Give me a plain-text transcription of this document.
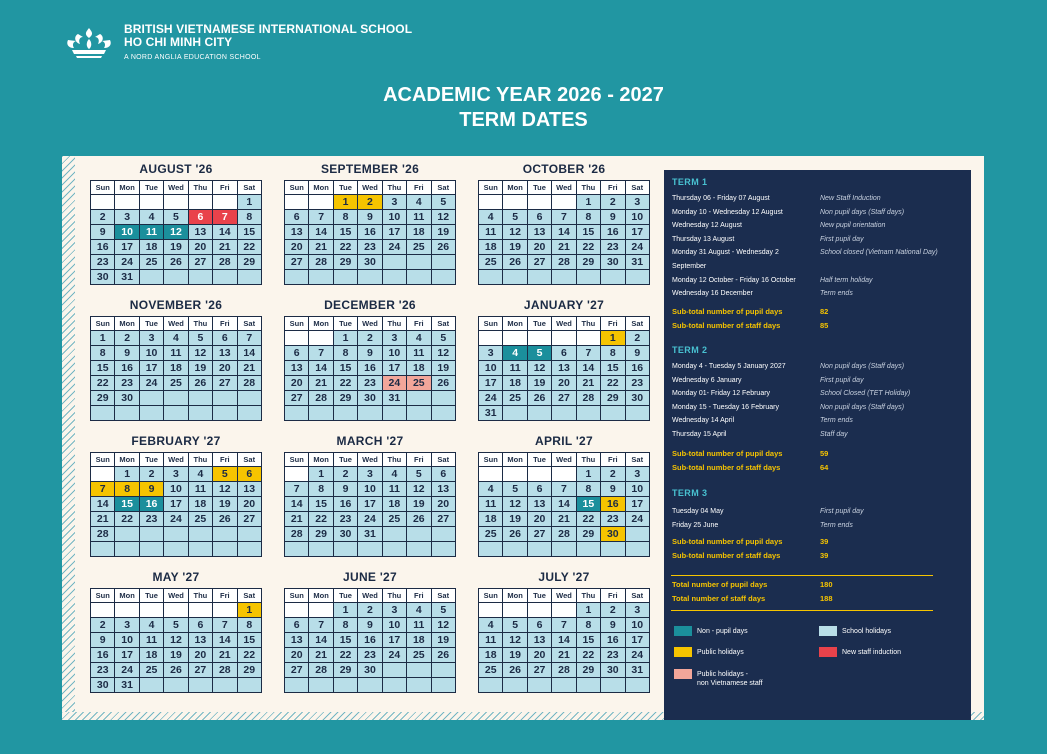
BRITISH VIETNAMESE INTERNATIONAL SCHOOL
HO CHI MINH CITY
A NORD ANGLIA EDUCATION SCHOOL
ACADEMIC YEAR 2026 - 2027
TERM DATES
AUGUST '26
Sun	Mon	Tue	Wed	Thu	Fri	Sat
						1
2	3	4	5	6	7	8
9	10	11	12	13	14	15
16	17	18	19	20	21	22
23	24	25	26	27	28	29
30	31					
SEPTEMBER '26
Sun	Mon	Tue	Wed	Thu	Fri	Sat
		1	2	3	4	5
6	7	8	9	10	11	12
13	14	15	16	17	18	19
20	21	22	23	24	25	26
27	28	29	30			

OCTOBER '26
Sun	Mon	Tue	Wed	Thu	Fri	Sat
				1	2	3
4	5	6	7	8	9	10
11	12	13	14	15	16	17
18	19	20	21	22	23	24
25	26	27	28	29	30	31

NOVEMBER '26
Sun	Mon	Tue	Wed	Thu	Fri	Sat
1	2	3	4	5	6	7
8	9	10	11	12	13	14
15	16	17	18	19	20	21
22	23	24	25	26	27	28
29	30					

DECEMBER '26
Sun	Mon	Tue	Wed	Thu	Fri	Sat
		1	2	3	4	5
6	7	8	9	10	11	12
13	14	15	16	17	18	19
20	21	22	23	24	25	26
27	28	29	30	31		

JANUARY '27
Sun	Mon	Tue	Wed	Thu	Fri	Sat
					1	2
3	4	5	6	7	8	9
10	11	12	13	14	15	16
17	18	19	20	21	22	23
24	25	26	27	28	29	30
31						
FEBRUARY '27
Sun	Mon	Tue	Wed	Thu	Fri	Sat
	1	2	3	4	5	6
7	8	9	10	11	12	13
14	15	16	17	18	19	20
21	22	23	24	25	26	27
28						

MARCH '27
Sun	Mon	Tue	Wed	Thu	Fri	Sat
	1	2	3	4	5	6
7	8	9	10	11	12	13
14	15	16	17	18	19	20
21	22	23	24	25	26	27
28	29	30	31			

APRIL '27
Sun	Mon	Tue	Wed	Thu	Fri	Sat
				1	2	3
4	5	6	7	8	9	10
11	12	13	14	15	16	17
18	19	20	21	22	23	24
25	26	27	28	29	30	

MAY '27
Sun	Mon	Tue	Wed	Thu	Fri	Sat
						1
2	3	4	5	6	7	8
9	10	11	12	13	14	15
16	17	18	19	20	21	22
23	24	25	26	27	28	29
30	31					
JUNE '27
Sun	Mon	Tue	Wed	Thu	Fri	Sat
		1	2	3	4	5
6	7	8	9	10	11	12
13	14	15	16	17	18	19
20	21	22	23	24	25	26
27	28	29	30			

JULY '27
Sun	Mon	Tue	Wed	Thu	Fri	Sat
				1	2	3
4	5	6	7	8	9	10
11	12	13	14	15	16	17
18	19	20	21	22	23	24
25	26	27	28	29	30	31

TERM 1
Thursday 06 - Friday 07 August	New Staff Induction
Monday 10 - Wednesday 12 August	Non pupil days (Staff days)
Wednesday 12 August	New pupil orientation
Thursday 13 August	First pupil day
Monday 31 August - Wednesday 2	School closed (Vietnam National Day)
September
Monday 12 October - Friday 16 October	Half term holiday
Wednesday 16 December	Term ends
Sub-total number of pupil days	82
Sub-total number of staff days	85
TERM 2
Monday 4 - Tuesday 5 January 2027	Non pupil days (Staff days)
Wednesday 6 January	First pupil day
Monday 01- Friday 12 February	School Closed (TET Holiday)
Monday 15 - Tuesday 16 February	Non pupil days (Staff days)
Wednesday 14 April	Term ends
Thursday 15 April	Staff day
Sub-total number of pupil days	59
Sub-total number of staff days	64
TERM 3
Tuesday 04 May	First pupil day
Friday 25 June	Term ends
Sub-total number of pupil days	39
Sub-total number of staff days	39
Total number of pupil days	180
Total number of staff days	188
Non - pupil days	School holidays
Public holidays	New staff induction
Public holidays -
non Vietnamese staff
